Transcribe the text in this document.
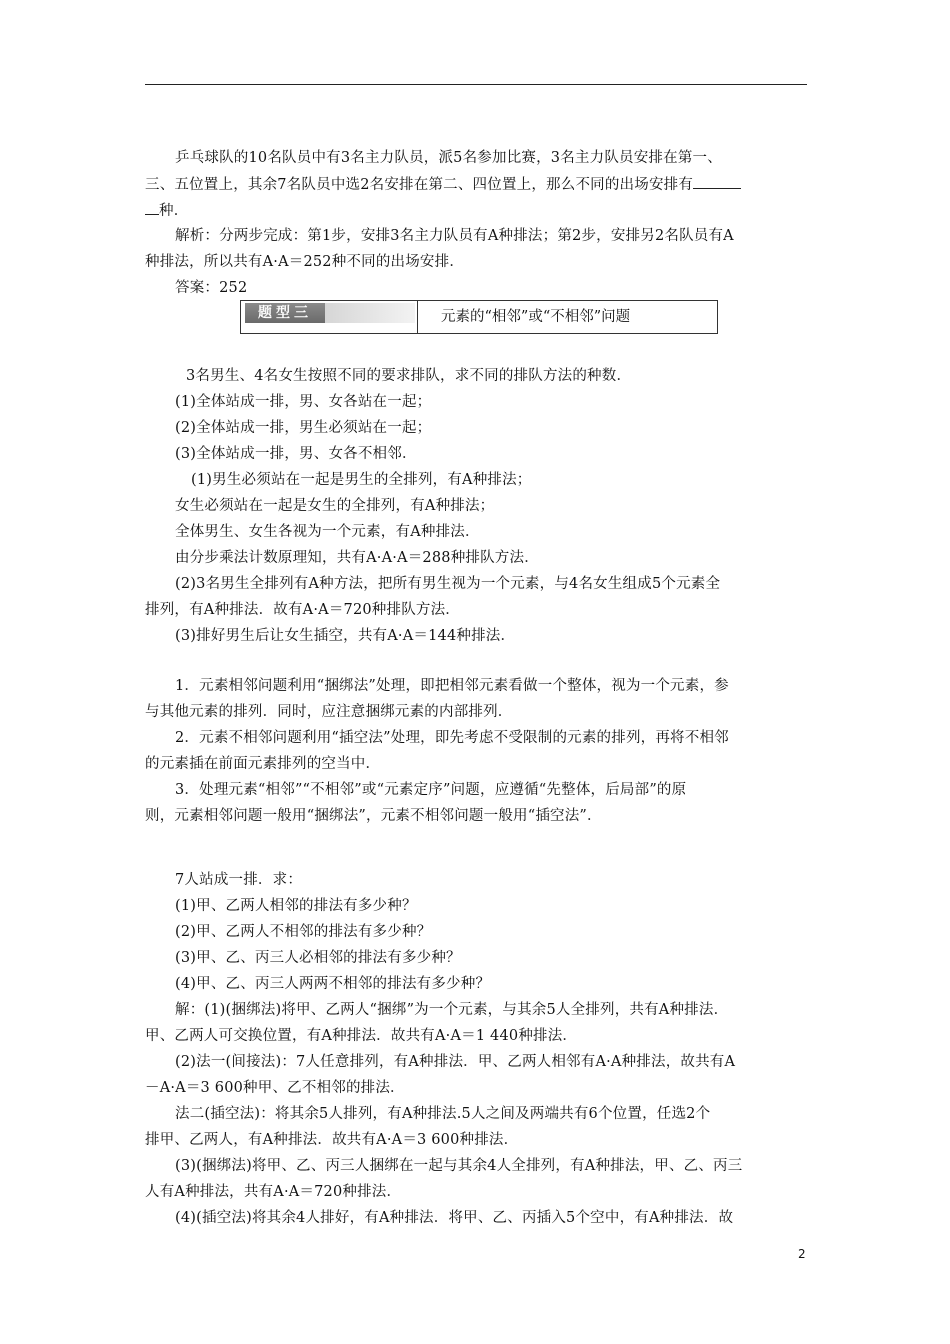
乒乓球队的10名队员中有3名主力队员，派5名参加比赛，3名主力队员安排在第一、
三、五位置上，其余7名队员中选2名安排在第二、四位置上，那么不同的出场安排有
种．
解析：分两步完成：第1步，安排3名主力队员有A种排法；第2步，安排另2名队员有A
种排法，所以共有A·A＝252种不同的出场安排．
答案：252
题型三	元素的“相邻”或“不相邻”问题
3名男生、4名女生按照不同的要求排队，求不同的排队方法的种数．
(1)全体站成一排，男、女各站在一起；
(2)全体站成一排，男生必须站在一起；
(3)全体站成一排，男、女各不相邻．
(1)男生必须站在一起是男生的全排列，有A种排法；
女生必须站在一起是女生的全排列，有A种排法；
全体男生、女生各视为一个元素，有A种排法．
由分步乘法计数原理知，共有A·A·A＝288种排队方法．
(2)3名男生全排列有A种方法，把所有男生视为一个元素，与4名女生组成5个元素全
排列，有A种排法．故有A·A＝720种排队方法．
(3)排好男生后让女生插空，共有A·A＝144种排法．
1．元素相邻问题利用“捆绑法”处理，即把相邻元素看做一个整体，视为一个元素，参
与其他元素的排列．同时，应注意捆绑元素的内部排列．
2．元素不相邻问题利用“插空法”处理，即先考虑不受限制的元素的排列，再将不相邻
的元素插在前面元素排列的空当中．
3．处理元素“相邻”“不相邻”或“元素定序”问题，应遵循“先整体，后局部”的原
则，元素相邻问题一般用“捆绑法”，元素不相邻问题一般用“插空法”．
7人站成一排．求：
(1)甲、乙两人相邻的排法有多少种？
(2)甲、乙两人不相邻的排法有多少种？
(3)甲、乙、丙三人必相邻的排法有多少种？
(4)甲、乙、丙三人两两不相邻的排法有多少种？
解：(1)(捆绑法)将甲、乙两人“捆绑”为一个元素，与其余5人全排列，共有A种排法．
甲、乙两人可交换位置，有A种排法．故共有A·A＝1 440种排法．
(2)法一(间接法)：7人任意排列，有A种排法．甲、乙两人相邻有A·A种排法，故共有A
－A·A＝3 600种甲、乙不相邻的排法．
法二(插空法)：将其余5人排列，有A种排法.5人之间及两端共有6个位置，任选2个
排甲、乙两人，有A种排法．故共有A·A＝3 600种排法．
(3)(捆绑法)将甲、乙、丙三人捆绑在一起与其余4人全排列，有A种排法，甲、乙、丙三
人有A种排法，共有A·A＝720种排法．
(4)(插空法)将其余4人排好，有A种排法．将甲、乙、丙插入5个空中，有A种排法．故
2
